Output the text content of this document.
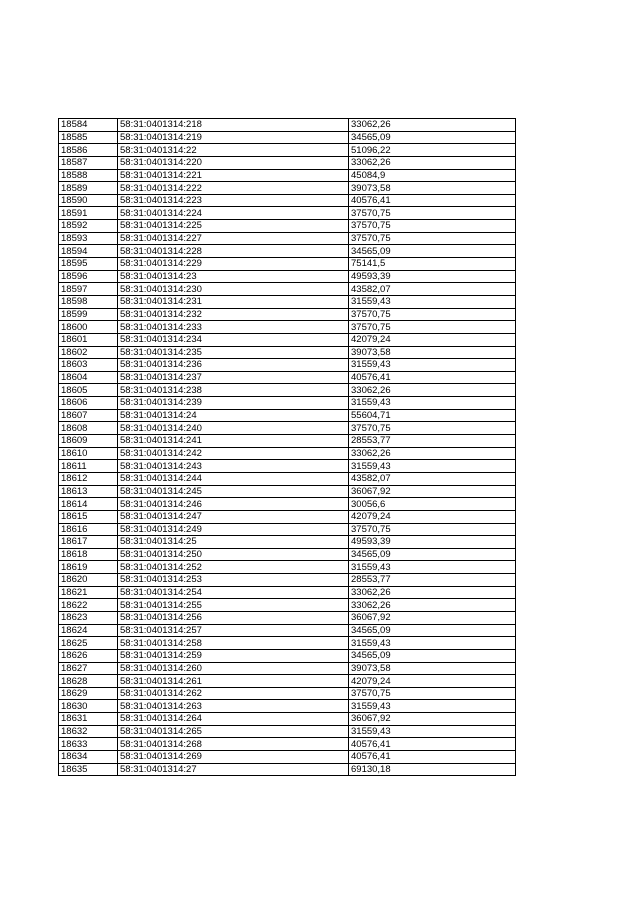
18584	58:31:0401314:218	33062,26
18585	58:31:0401314:219	34565,09
18586	58:31:0401314:22	51096,22
18587	58:31:0401314:220	33062,26
18588	58:31:0401314:221	45084,9
18589	58:31:0401314:222	39073,58
18590	58:31:0401314:223	40576,41
18591	58:31:0401314:224	37570,75
18592	58:31:0401314:225	37570,75
18593	58:31:0401314:227	37570,75
18594	58:31:0401314:228	34565,09
18595	58:31:0401314:229	75141,5
18596	58:31:0401314:23	49593,39
18597	58:31:0401314:230	43582,07
18598	58:31:0401314:231	31559,43
18599	58:31:0401314:232	37570,75
18600	58:31:0401314:233	37570,75
18601	58:31:0401314:234	42079,24
18602	58:31:0401314:235	39073,58
18603	58:31:0401314:236	31559,43
18604	58:31:0401314:237	40576,41
18605	58:31:0401314:238	33062,26
18606	58:31:0401314:239	31559,43
18607	58:31:0401314:24	55604,71
18608	58:31:0401314:240	37570,75
18609	58:31:0401314:241	28553,77
18610	58:31:0401314:242	33062,26
18611	58:31:0401314:243	31559,43
18612	58:31:0401314:244	43582,07
18613	58:31:0401314:245	36067,92
18614	58:31:0401314:246	30056,6
18615	58:31:0401314:247	42079,24
18616	58:31:0401314:249	37570,75
18617	58:31:0401314:25	49593,39
18618	58:31:0401314:250	34565,09
18619	58:31:0401314:252	31559,43
18620	58:31:0401314:253	28553,77
18621	58:31:0401314:254	33062,26
18622	58:31:0401314:255	33062,26
18623	58:31:0401314:256	36067,92
18624	58:31:0401314:257	34565,09
18625	58:31:0401314:258	31559,43
18626	58:31:0401314:259	34565,09
18627	58:31:0401314:260	39073,58
18628	58:31:0401314:261	42079,24
18629	58:31:0401314:262	37570,75
18630	58:31:0401314:263	31559,43
18631	58:31:0401314:264	36067,92
18632	58:31:0401314:265	31559,43
18633	58:31:0401314:268	40576,41
18634	58:31:0401314:269	40576,41
18635	58:31:0401314:27	69130,18
